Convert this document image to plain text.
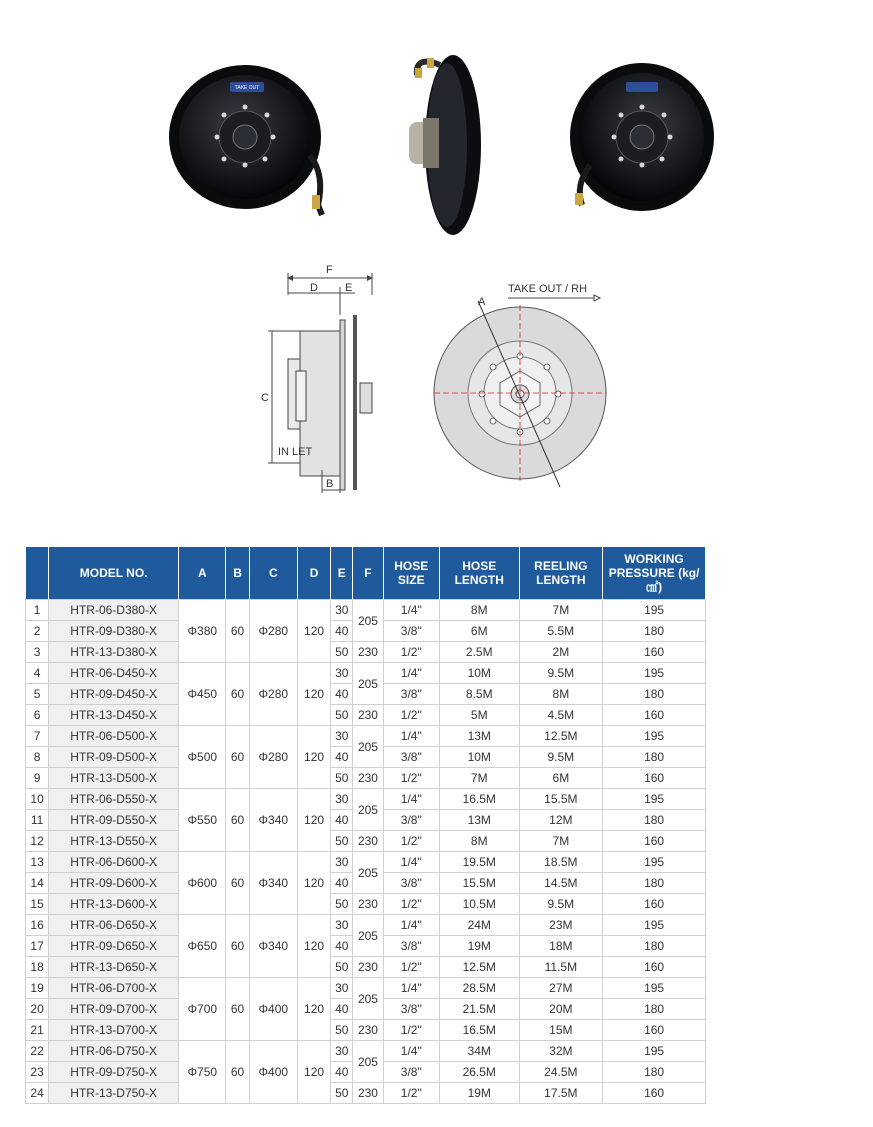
TAKE OUT
F
D E
C
IN LET
B
A
TAKE OUT / RH
	MODEL NO.	A	B	C	D	E	F	HOSE SIZE	HOSE LENGTH	REELING LENGTH	WORKING PRESSURE (kg/㎠)
1	HTR-06-D380-X	Φ380	60	Φ280	120	30	205	1/4"	8M	7M	195
2	HTR-09-D380-X					40		3/8"	6M	5.5M	180
3	HTR-13-D380-X					50	230	1/2"	2.5M	2M	160
4	HTR-06-D450-X	Φ450	60	Φ280	120	30	205	1/4"	10M	9.5M	195
5	HTR-09-D450-X					40		3/8"	8.5M	8M	180
6	HTR-13-D450-X					50	230	1/2"	5M	4.5M	160
7	HTR-06-D500-X	Φ500	60	Φ280	120	30	205	1/4"	13M	12.5M	195
8	HTR-09-D500-X					40		3/8"	10M	9.5M	180
9	HTR-13-D500-X					50	230	1/2"	7M	6M	160
10	HTR-06-D550-X	Φ550	60	Φ340	120	30	205	1/4"	16.5M	15.5M	195
11	HTR-09-D550-X					40		3/8"	13M	12M	180
12	HTR-13-D550-X					50	230	1/2"	8M	7M	160
13	HTR-06-D600-X	Φ600	60	Φ340	120	30	205	1/4"	19.5M	18.5M	195
14	HTR-09-D600-X					40		3/8"	15.5M	14.5M	180
15	HTR-13-D600-X					50	230	1/2"	10.5M	9.5M	160
16	HTR-06-D650-X	Φ650	60	Φ340	120	30	205	1/4"	24M	23M	195
17	HTR-09-D650-X					40		3/8"	19M	18M	180
18	HTR-13-D650-X					50	230	1/2"	12.5M	11.5M	160
19	HTR-06-D700-X	Φ700	60	Φ400	120	30	205	1/4"	28.5M	27M	195
20	HTR-09-D700-X					40		3/8"	21.5M	20M	180
21	HTR-13-D700-X					50	230	1/2"	16.5M	15M	160
22	HTR-06-D750-X	Φ750	60	Φ400	120	30	205	1/4"	34M	32M	195
23	HTR-09-D750-X					40		3/8"	26.5M	24.5M	180
24	HTR-13-D750-X					50	230	1/2"	19M	17.5M	160
